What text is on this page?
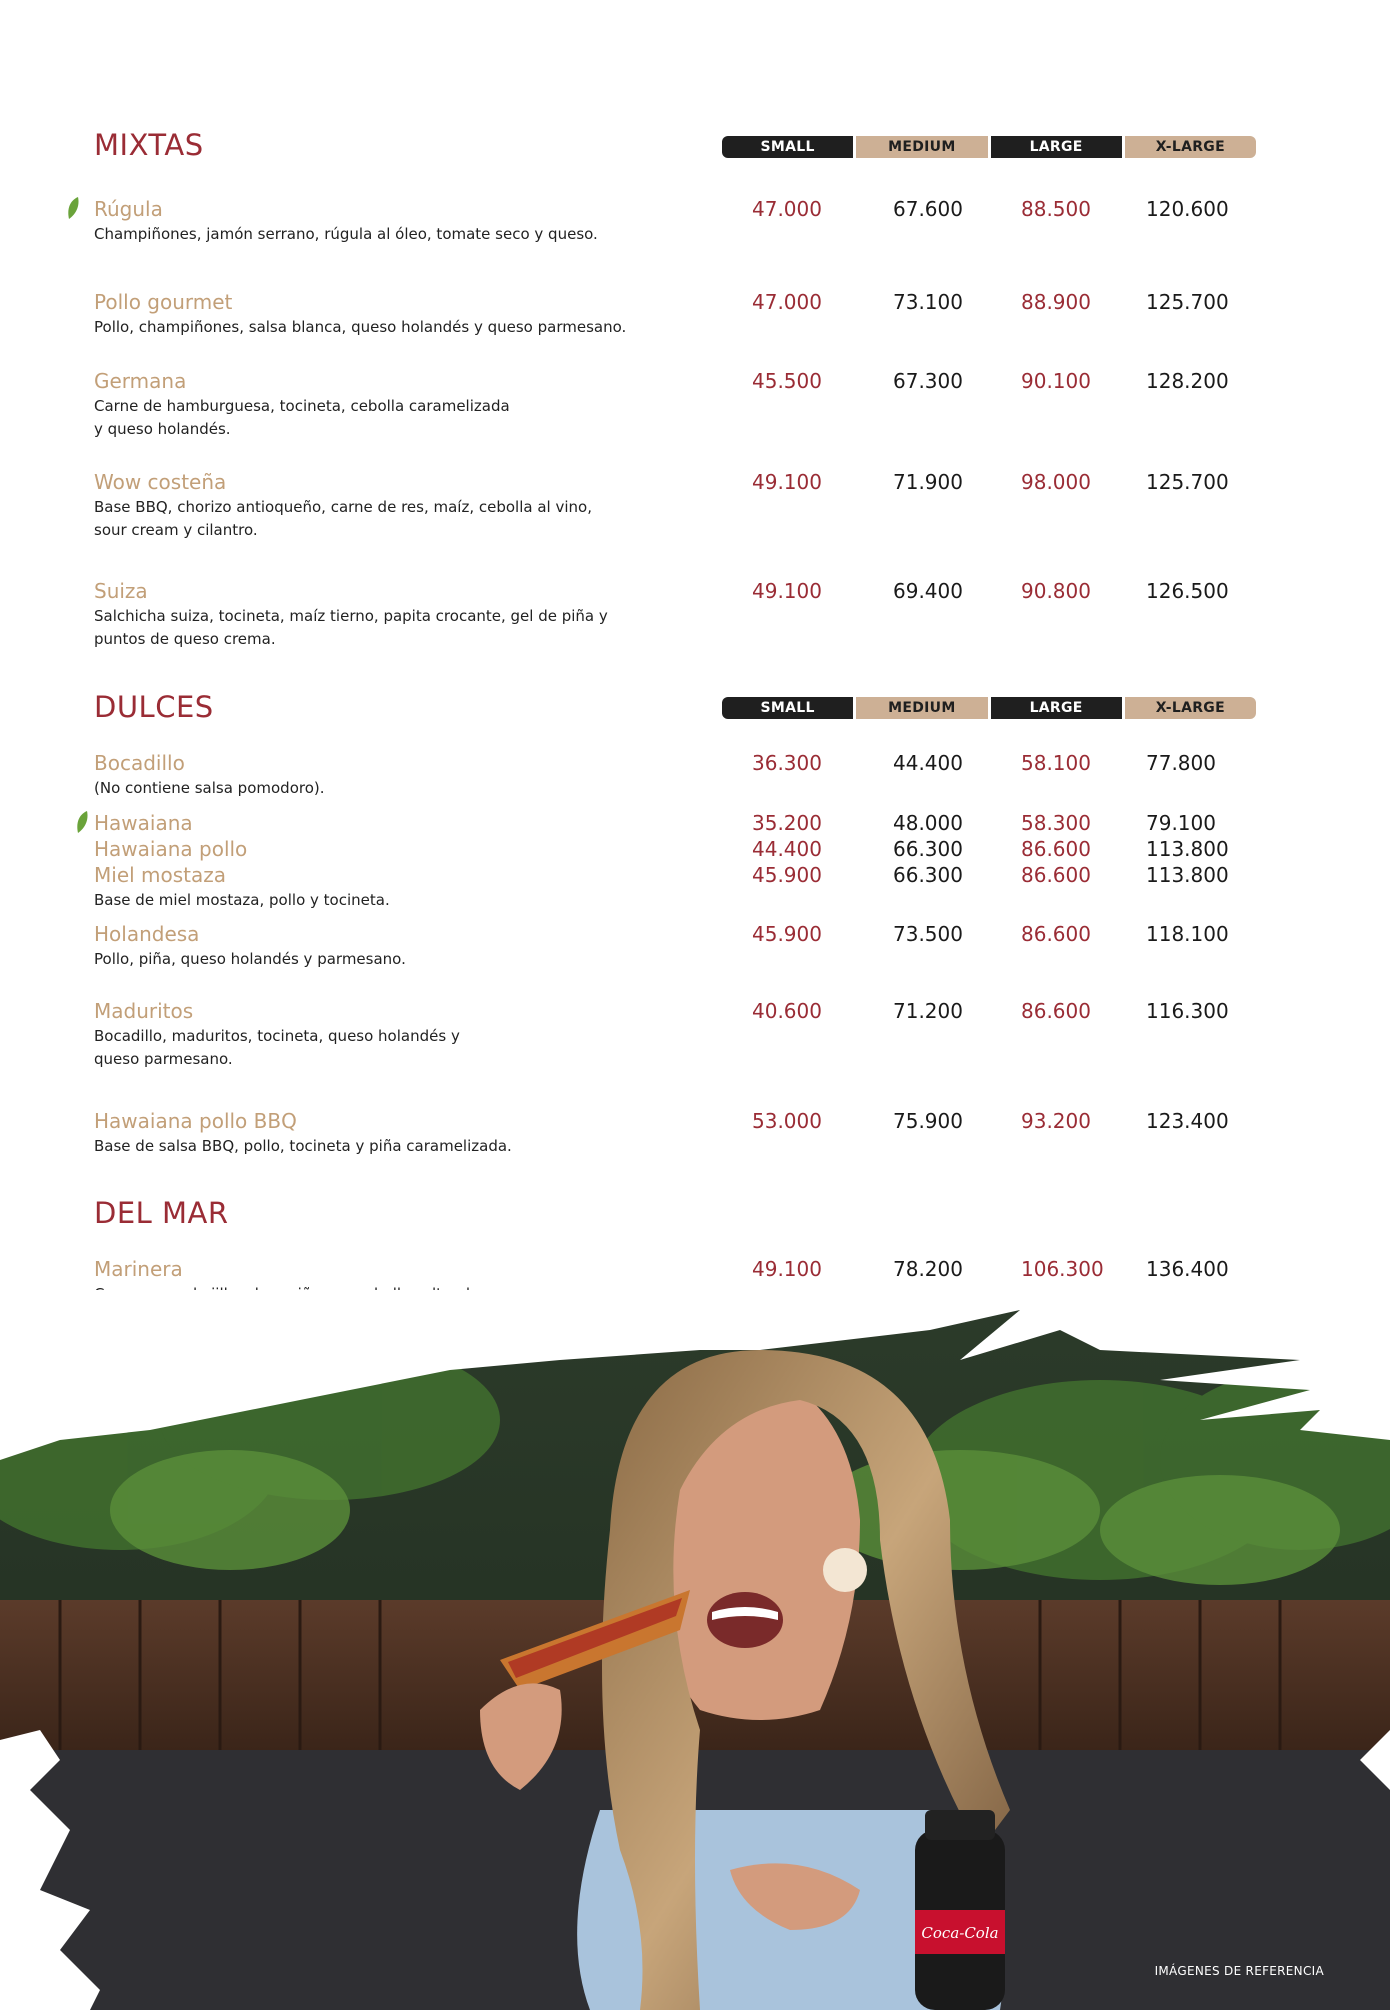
MIXTAS	SMALL	MEDIUM	LARGE	X-LARGE
Rúgula
Champiñones, jamón serrano, rúgula al óleo, tomate seco y queso.
47.000	67.600	88.500	120.600
Pollo gourmet
Pollo, champiñones, salsa blanca, queso holandés y queso parmesano.
47.000	73.100	88.900	125.700
Germana
Carne de hamburguesa, tocineta, cebolla caramelizada
y queso holandés.
45.500	67.300	90.100	128.200
Wow costeña
Base BBQ, chorizo antioqueño, carne de res, maíz, cebolla al vino,
sour cream y cilantro.
49.100	71.900	98.000	125.700
Suiza
Salchicha suiza, tocineta, maíz tierno, papita crocante, gel de piña y
puntos de queso crema.
49.100	69.400	90.800	126.500
DULCES	SMALL	MEDIUM	LARGE	X-LARGE
Bocadillo
(No contiene salsa pomodoro).
36.300	44.400	58.100	77.800
Hawaiana	35.200	48.000	58.300	79.100
Hawaiana pollo	44.400	66.300	86.600	113.800
Miel mostaza
Base de miel mostaza, pollo y tocineta.
45.900	66.300	86.600	113.800
Holandesa
Pollo, piña, queso holandés y parmesano.
45.900	73.500	86.600	118.100
Maduritos
Bocadillo, maduritos, tocineta, queso holandés y
queso parmesano.
40.600	71.200	86.600	116.300
Hawaiana pollo BBQ
Base de salsa BBQ, pollo, tocineta y piña caramelizada.
53.000	75.900	93.200	123.400
DEL MAR
Marinera	49.100	78.200	106.300 136.400
Coca-Cola
IMÁGENES DE REFERENCIA
